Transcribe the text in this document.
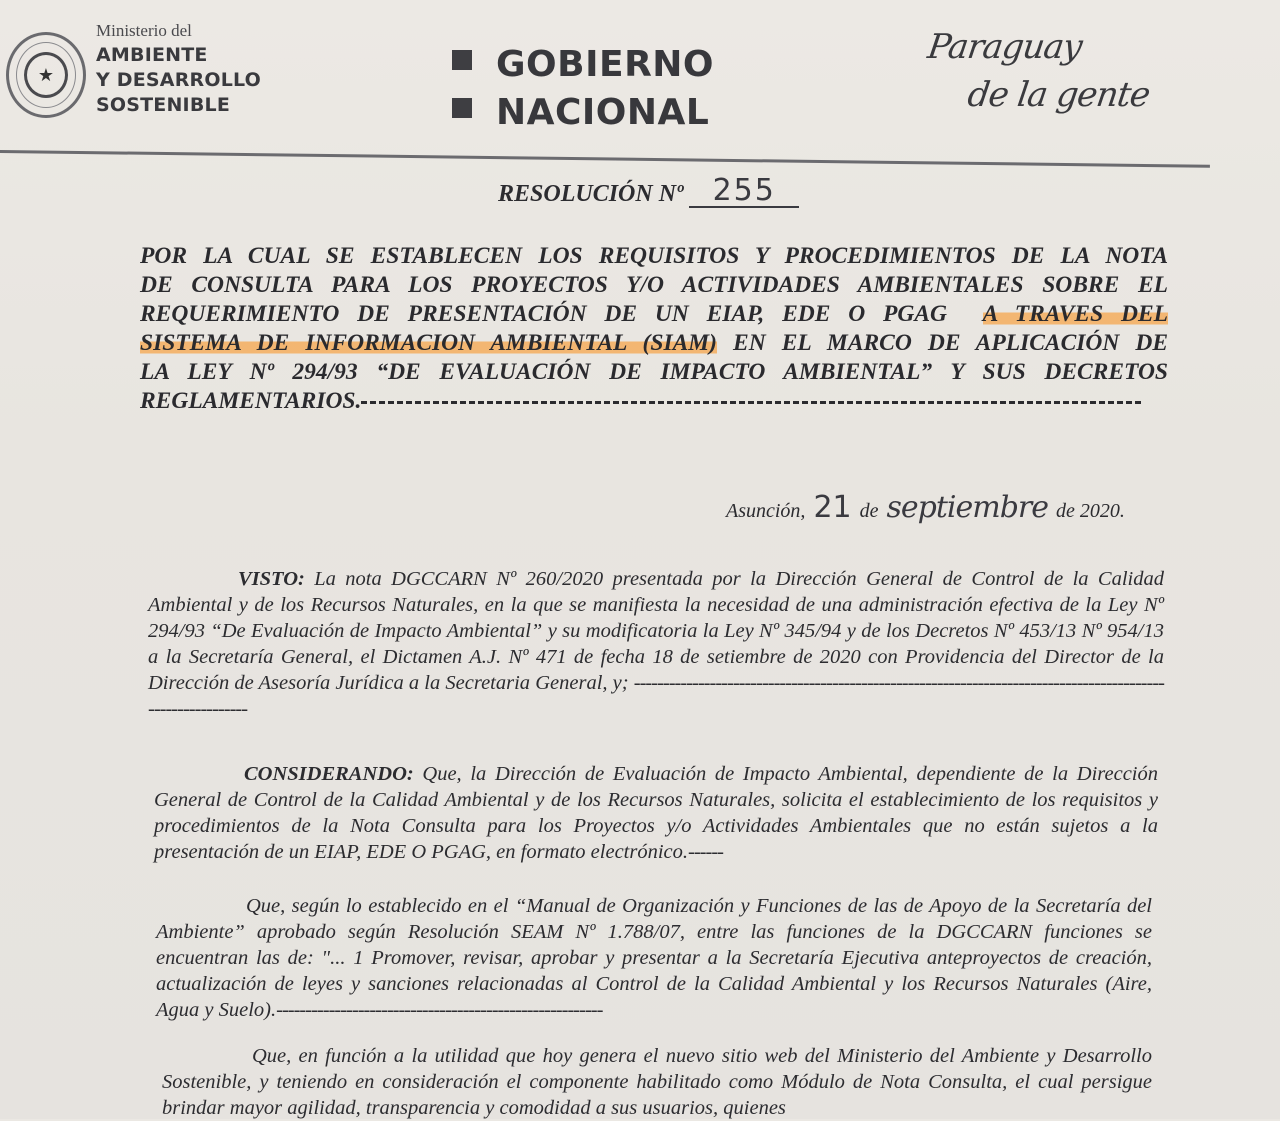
★
Ministerio del
AMBIENTE
Y DESARROLLO
SOSTENIBLE
GOBIERNO
NACIONAL
Paraguay
de la gente
RESOLUCIÓN Nº 255
POR LA CUAL SE ESTABLECEN LOS REQUISITOS Y PROCEDIMIENTOS DE LA NOTA
DE CONSULTA PARA LOS PROYECTOS Y/O ACTIVIDADES AMBIENTALES SOBRE EL
REQUERIMIENTO DE PRESENTACIÓN DE UN EIAP, EDE O PGAG A TRAVES DEL
SISTEMA DE INFORMACION AMBIENTAL (SIAM) EN EL MARCO DE APLICACIÓN DE
LA LEY Nº 294/93 “DE EVALUACIÓN DE IMPACTO AMBIENTAL” Y SUS DECRETOS
REGLAMENTARIOS.
Asunción, 21 de septiembre de 2020.
VISTO: La nota DGCCARN Nº 260/2020 presentada por la Dirección General de Control de la Calidad Ambiental y de los Recursos Naturales, en la que se manifiesta la necesidad de una administración efectiva de la Ley Nº 294/93 “De Evaluación de Impacto Ambiental” y su modificatoria la Ley Nº 345/94 y de los Decretos Nº 453/13 Nº 954/13 a la Secretaría General, el Dictamen A.J. Nº 471 de fecha 18 de setiembre de 2020 con Providencia del Director de la Dirección de Asesoría Jurídica a la Secretaria General, y; ------------------------------------------------------------------------------------------------------------
CONSIDERANDO: Que, la Dirección de Evaluación de Impacto Ambiental, dependiente de la Dirección General de Control de la Calidad Ambiental y de los Recursos Naturales, solicita el establecimiento de los requisitos y procedimientos de la Nota Consulta para los Proyectos y/o Actividades Ambientales que no están sujetos a la presentación de un EIAP, EDE O PGAG, en formato electrónico.------
Que, según lo establecido en el “Manual de Organización y Funciones de las de Apoyo de la Secretaría del Ambiente” aprobado según Resolución SEAM Nº 1.788/07, entre las funciones de la DGCCARN funciones se encuentran las de: "... 1 Promover, revisar, aprobar y presentar a la Secretaría Ejecutiva anteproyectos de creación, actualización de leyes y sanciones relacionadas al Control de la Calidad Ambiental y los Recursos Naturales (Aire, Agua y Suelo).--------------------------------------------------------
Que, en función a la utilidad que hoy genera el nuevo sitio web del Ministerio del Ambiente y Desarrollo Sostenible, y teniendo en consideración el componente habilitado como Módulo de Nota Consulta, el cual persigue brindar mayor agilidad, transparencia y comodidad a sus usuarios, quienes
